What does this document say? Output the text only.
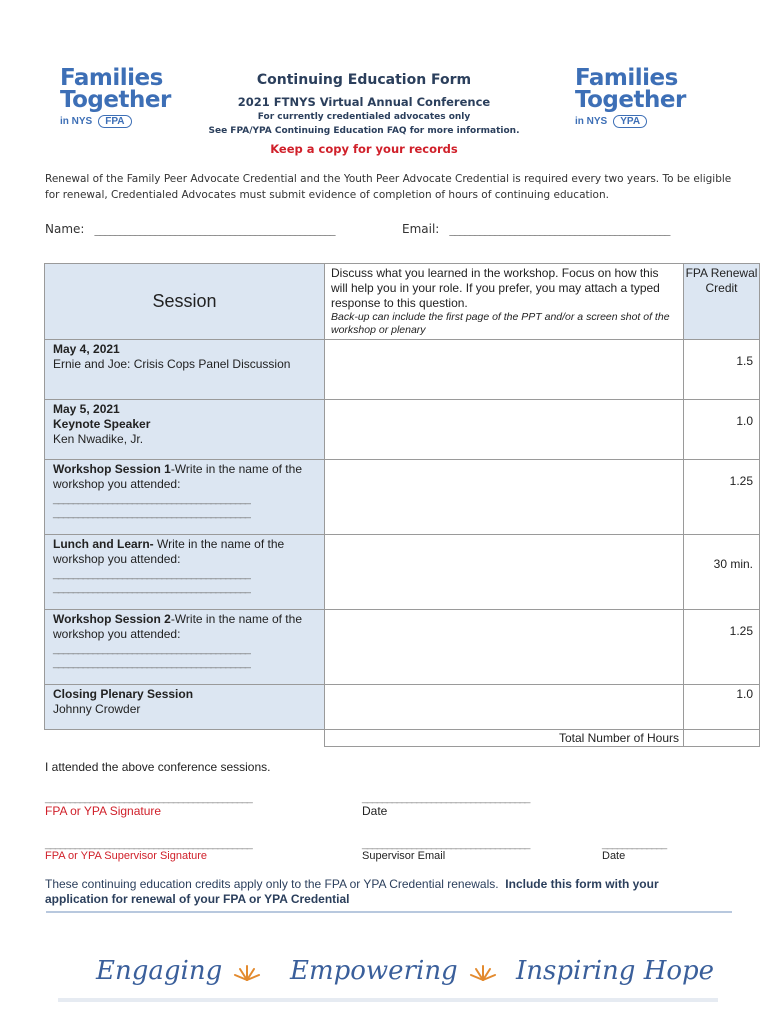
Families
Together
in NYS FPA
Families
Together
in NYS YPA
Continuing Education Form
2021 FTNYS Virtual Annual Conference
For currently credentialed advocates only
See FPA/YPA Continuing Education FAQ for more information.
Keep a copy for your records
Renewal of the Family Peer Advocate Credential and the Youth Peer Advocate Credential is required every two years. To be eligible for renewal, Credentialed Advocates must submit evidence of completion of hours of continuing education.
Name: ________________________________________________	Email: ____________________________________________
Session	Discuss what you learned in the workshop. Focus on how this will help you in your role. If you prefer, you may attach a typed response to this question.
Back-up can include the first page of the PPT and/or a screen shot of the workshop or plenary	FPA Renewal Credit
May 4, 2021
Ernie and Joe: Crisis Cops Panel Discussion		1.5
May 5, 2021
Keynote Speaker
Ken Nwadike, Jr.		1.0
Workshop Session 1-Write in the name of the workshop you attended:
________________________________________
________________________________________		1.25
Lunch and Learn- Write in the name of the workshop you attended:
________________________________________
________________________________________		30 min.
Workshop Session 2-Write in the name of the workshop you attended:
________________________________________
________________________________________		1.25
Closing Plenary Session
Johnny Crowder		1.0
	Total Number of Hours	
I attended the above conference sessions.
__________________________________________
FPA or YPA Signature
__________________________________
Date
__________________________________________
FPA or YPA Supervisor Signature
__________________________________
Supervisor Email
_____________
Date
These continuing education credits apply only to the FPA or YPA Credential renewals. Include this form with your application for renewal of your FPA or YPA Credential
Engaging	Empowering Inspiring Hope
